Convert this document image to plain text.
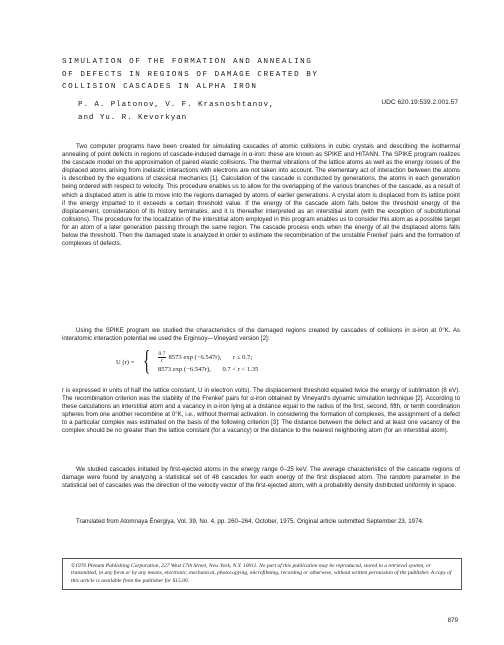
SIMULATION OF THE FORMATION AND ANNEALING
OF DEFECTS IN REGIONS OF DAMAGE CREATED BY
COLLISION CASCADES IN ALPHA IRON
P. A. Platonov, V. F. Krasnoshtanov,
and Yu. R. Kevorkyan
UDC 620.19:539.2.001.57

Two computer programs have been created for simulating cascades of atomic collisions in cubic crystals and describing the isothermal annealing of point defects in regions of cascade-induced damage in α-iron: these are known as SPIKE and HITANN. The SPIKE program realizes the cascade model on the approximation of paired elastic collisions. The thermal vibrations of the lattice atoms as well as the energy losses of the displaced atoms arising from inelastic interactions with electrons are not taken into account. The elementary act of interaction between the atoms is described by the equations of classical mechanics [1]. Calculation of the cascade is conducted by generations, the atoms in each generation being ordered with respect to velocity. This procedure enables us to allow for the overlapping of the various branches of the cascade, as a result of which a displaced atom is able to move into the regions damaged by atoms of earlier generations. A crystal atom is displaced from its lattice point if the energy imparted to it exceeds a certain threshold value. If the energy of the cascade atom falls below the threshold energy of the displacement, consideration of its history terminates, and it is thereafter interpreted as an interstitial atom (with the exception of substitutional collisions). The procedure for the localization of the interstitial atom employed in this program enables us to consider this atom as a possible target for an atom of a later generation passing through the same region. The cascade process ends when the energy of all the displaced atoms falls below the threshold. Then the damaged state is analyzed in order to estimate the recombination of the unstable Frenkel' pairs and the formation of complexes of defects.

Using the SPIKE program we studied the characteristics of the damaged regions created by cascades of collisions in α-iron at 0°K. As interatomic interaction potential we used the Erginsoy—Vineyard version [2]:

U (r) = { $\frac{0.7}{r} 8573$ exp (−6.547r), r ≤ 0.7;
8573 exp (−6.547r), 0.7 < r < 1.35

r is expressed in units of half the lattice constant, U in electron volts). The displacement threshold equaled twice the energy of sublimation (8 eV). The recombination criterion was the stability of the Frenkel' pairs for α-iron obtained by Vineyard's dynamic simulation technique [2]. According to these calculations an interstitial atom and a vacancy in α-iron lying at a distance equal to the radius of the first, second, fifth, or tenth coordination spheres from one another recombine at 0°K, i.e., without thermal activation. In considering the formation of complexes, the assignment of a defect to a particular complex was estimated on the basis of the following criterion [3]: The distance between the defect and at least one vacancy of the complex should be no greater than the lattice constant (for a vacancy) or the distance to the nearest neighboring atom (for an interstitial atom).

We studied cascades initiated by first-ejected atoms in the energy range 0–25 keV. The average characteristics of the cascade regions of damage were found by analyzing a statistical set of 48 cascades for each energy of the first displaced atom. The random parameter in the statistical set of cascades was the direction of the velocity vector of the first-ejected atom, with a probability density distributed uniformly in space.

Translated from Atomnaya Énergiya, Vol. 39, No. 4, pp. 260–264, October, 1975. Original article submitted September 23, 1974.

©1976 Plenum Publishing Corporation, 227 West 17th Street, New York, N.Y. 10011. No part of this publication may be reproduced, stored in a retrieval system, or transmitted, in any form or by any means, electronic, mechanical, photocopying, microfilming, recording or otherwise, without written permission of the publisher. A copy of this article is available from the publisher for $15.00.

879
